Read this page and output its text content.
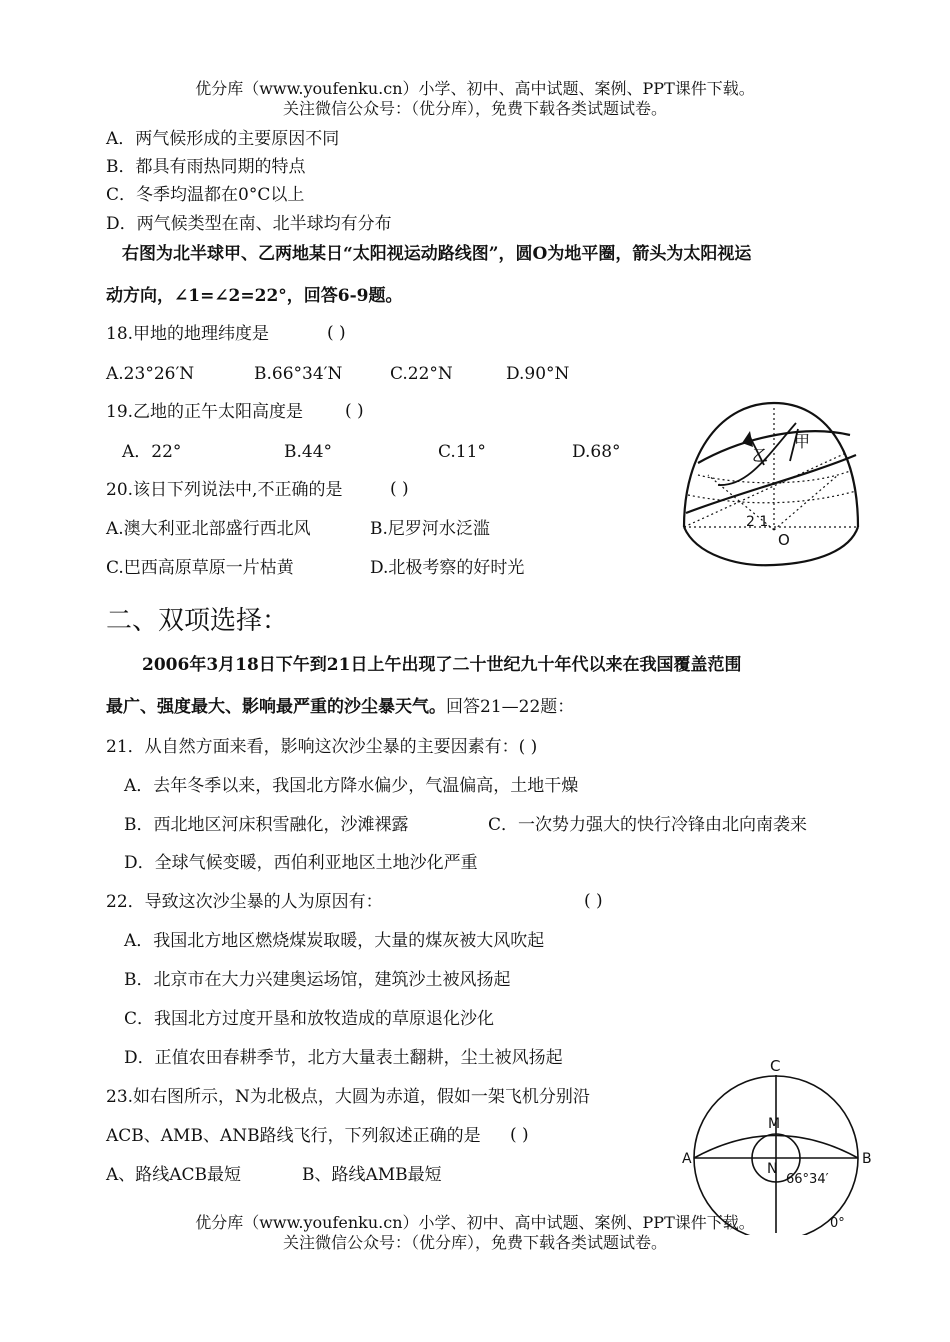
优分库（www.youfenku.cn）小学、初中、高中试题、案例、PPT课件下载。
关注微信公众号：（优分库），免费下载各类试题试卷。
A．两气候形成的主要原因不同
B．都具有雨热同期的特点
C．冬季均温都在0°C以上
D．两气候类型在南、北半球均有分布
右图为北半球甲、乙两地某日“太阳视运动路线图”，圆O为地平圈，箭头为太阳视运
动方向，∠1=∠2=22°，回答6-9题。
18.甲地的地理纬度是	( )
A.23°26′N	B.66°34′N	C.22°N	D.90°N
19.乙地的正午太阳高度是 ( )
A．22°	B.44°	C.11°	D.68°
20.该日下列说法中,不正确的是	( )
A.澳大利亚北部盛行西北风	B.尼罗河水泛滥
C.巴西高原草原一片枯黄	D.北极考察的好时光
甲
乙
2 1
O
二、双项选择：
2006年3月18日下午到21日上午出现了二十世纪九十年代以来在我国覆盖范围
最广、强度最大、影响最严重的沙尘暴天气。回答21—22题：
21．从自然方面来看，影响这次沙尘暴的主要因素有：( )
A．去年冬季以来，我国北方降水偏少，气温偏高，土地干燥
B．西北地区河床积雪融化，沙滩裸露	C．一次势力强大的快行冷锋由北向南袭来
D．全球气候变暖，西伯利亚地区土地沙化严重
22．导致这次沙尘暴的人为原因有：	( )
A．我国北方地区燃烧煤炭取暖，大量的煤灰被大风吹起
B．北京市在大力兴建奥运场馆，建筑沙土被风扬起
C．我国北方过度开垦和放牧造成的草原退化沙化
D．正值农田春耕季节，北方大量表土翻耕，尘土被风扬起
23.如右图所示，N为北极点，大圆为赤道，假如一架飞机分别沿
ACB、AMB、ANB路线飞行，下列叙述正确的是 ( )
A、路线ACB最短	B、路线AMB最短
C
M
A	B
N
66°34′
0°
优分库（www.youfenku.cn）小学、初中、高中试题、案例、PPT课件下载。
关注微信公众号：（优分库），免费下载各类试题试卷。
